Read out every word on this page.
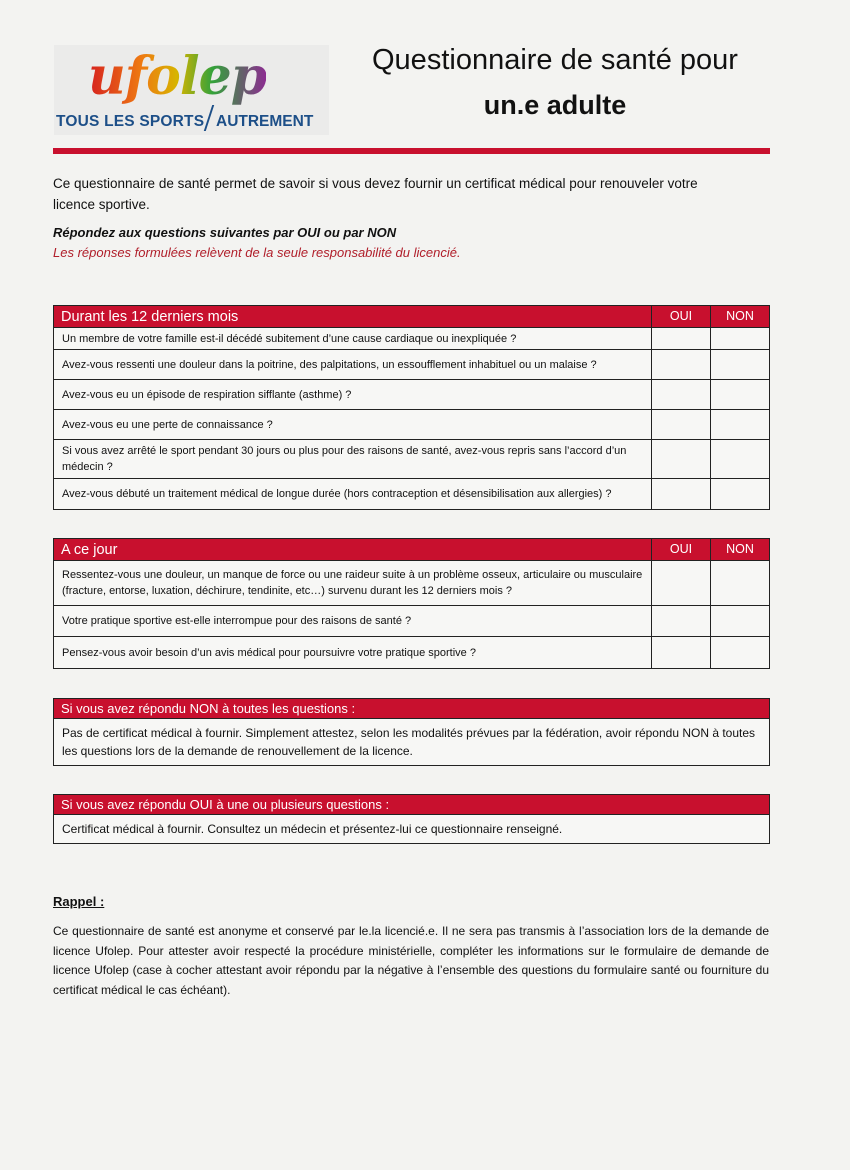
ufolep
TOUS LES SPORTS AUTREMENT
Questionnaire de santé pour
un.e adulte
Ce questionnaire de santé permet de savoir si vous devez fournir un certificat médical pour renouveler votre licence sportive.
Répondez aux questions suivantes par OUI ou par NON
Les réponses formulées relèvent de la seule responsabilité du licencié.
Durant les 12 derniers mois	OUI	NON
Un membre de votre famille est-il décédé subitement d’une cause cardiaque ou inexpliquée ?
Avez-vous ressenti une douleur dans la poitrine, des palpitations, un essoufflement inhabituel ou un malaise ?
Avez-vous eu un épisode de respiration sifflante (asthme) ?
Avez-vous eu une perte de connaissance ?
Si vous avez arrêté le sport pendant 30 jours ou plus pour des raisons de santé, avez-vous repris sans l’accord d’un médecin ?
Avez-vous débuté un traitement médical de longue durée (hors contraception et désensibilisation aux allergies) ?
A ce jour	OUI	NON
Ressentez-vous une douleur, un manque de force ou une raideur suite à un problème osseux, articulaire ou musculaire (fracture, entorse, luxation, déchirure, tendinite, etc…) survenu durant les 12 derniers mois ?
Votre pratique sportive est-elle interrompue pour des raisons de santé ?
Pensez-vous avoir besoin d’un avis médical pour poursuivre votre pratique sportive ?
Si vous avez répondu NON à toutes les questions :
Pas de certificat médical à fournir. Simplement attestez, selon les modalités prévues par la fédération, avoir répondu NON à toutes les questions lors de la demande de renouvellement de la licence.
Si vous avez répondu OUI à une ou plusieurs questions :
Certificat médical à fournir. Consultez un médecin et présentez-lui ce questionnaire renseigné.
Rappel :
Ce questionnaire de santé est anonyme et conservé par le.la licencié.e. Il ne sera pas transmis à l’association lors de la demande de licence Ufolep. Pour attester avoir respecté la procédure ministérielle, compléter les informations sur le formulaire de demande de licence Ufolep (case à cocher attestant avoir répondu par la négative à l’ensemble des questions du formulaire santé ou fourniture du certificat médical le cas échéant).
